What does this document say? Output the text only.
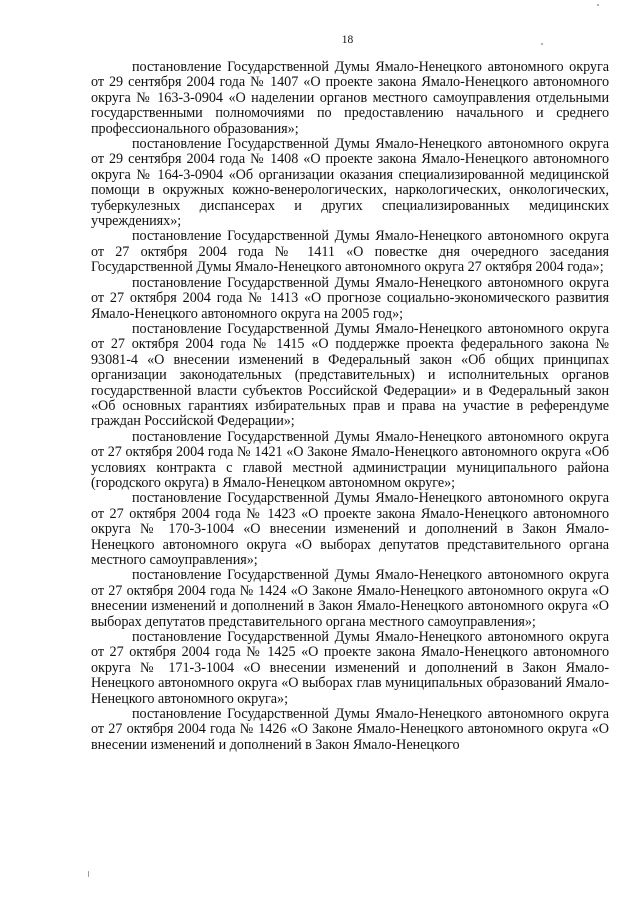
18

постановление Государственной Думы Ямало-Ненецкого автономного округа от 29 сентября 2004 года № 1407 «О проекте закона Ямало-Ненецкого автономного округа № 163-3-0904 «О наделении органов местного самоуправления отдельными государственными полномочиями по предоставлению начального и среднего профессионального образования»;

постановление Государственной Думы Ямало-Ненецкого автономного округа от 29 сентября 2004 года № 1408 «О проекте закона Ямало-Ненецкого автономного округа № 164-3-0904 «Об организации оказания специализированной медицинской помощи в окружных кожно-венерологических, наркологических, онкологических, туберкулезных диспансерах и других специализированных медицинских учреждениях»;

постановление Государственной Думы Ямало-Ненецкого автономного округа от 27 октября 2004 года № 1411 «О повестке дня очередного заседания Государственной Думы Ямало-Ненецкого автономного округа 27 октября 2004 года»;

постановление Государственной Думы Ямало-Ненецкого автономного округа от 27 октября 2004 года № 1413 «О прогнозе социально-экономического развития Ямало-Ненецкого автономного округа на 2005 год»;

постановление Государственной Думы Ямало-Ненецкого автономного округа от 27 октября 2004 года № 1415 «О поддержке проекта федерального закона № 93081-4 «О внесении изменений в Федеральный закон «Об общих принципах организации законодательных (представительных) и исполнительных органов государственной власти субъектов Российской Федерации» и в Федеральный закон «Об основных гарантиях избирательных прав и права на участие в референдуме граждан Российской Федерации»;

постановление Государственной Думы Ямало-Ненецкого автономного округа от 27 октября 2004 года № 1421 «О Законе Ямало-Ненецкого автономного округа «Об условиях контракта с главой местной администрации муниципального района (городского округа) в Ямало-Ненецком автономном округе»;

постановление Государственной Думы Ямало-Ненецкого автономного округа от 27 октября 2004 года № 1423 «О проекте закона Ямало-Ненецкого автономного округа № 170-3-1004 «О внесении изменений и дополнений в Закон Ямало-Ненецкого автономного округа «О выборах депутатов представительного органа местного самоуправления»;

постановление Государственной Думы Ямало-Ненецкого автономного округа от 27 октября 2004 года № 1424 «О Законе Ямало-Ненецкого автономного округа «О внесении изменений и дополнений в Закон Ямало-Ненецкого автономного округа «О выборах депутатов представительного органа местного самоуправления»;

постановление Государственной Думы Ямало-Ненецкого автономного округа от 27 октября 2004 года № 1425 «О проекте закона Ямало-Ненецкого автономного округа № 171-3-1004 «О внесении изменений и дополнений в Закон Ямало-Ненецкого автономного округа «О выборах глав муниципальных образований Ямало-Ненецкого автономного округа»;

постановление Государственной Думы Ямало-Ненецкого автономного округа от 27 октября 2004 года № 1426 «О Законе Ямало-Ненецкого автономного округа «О внесении изменений и дополнений в Закон Ямало-Ненецкого
